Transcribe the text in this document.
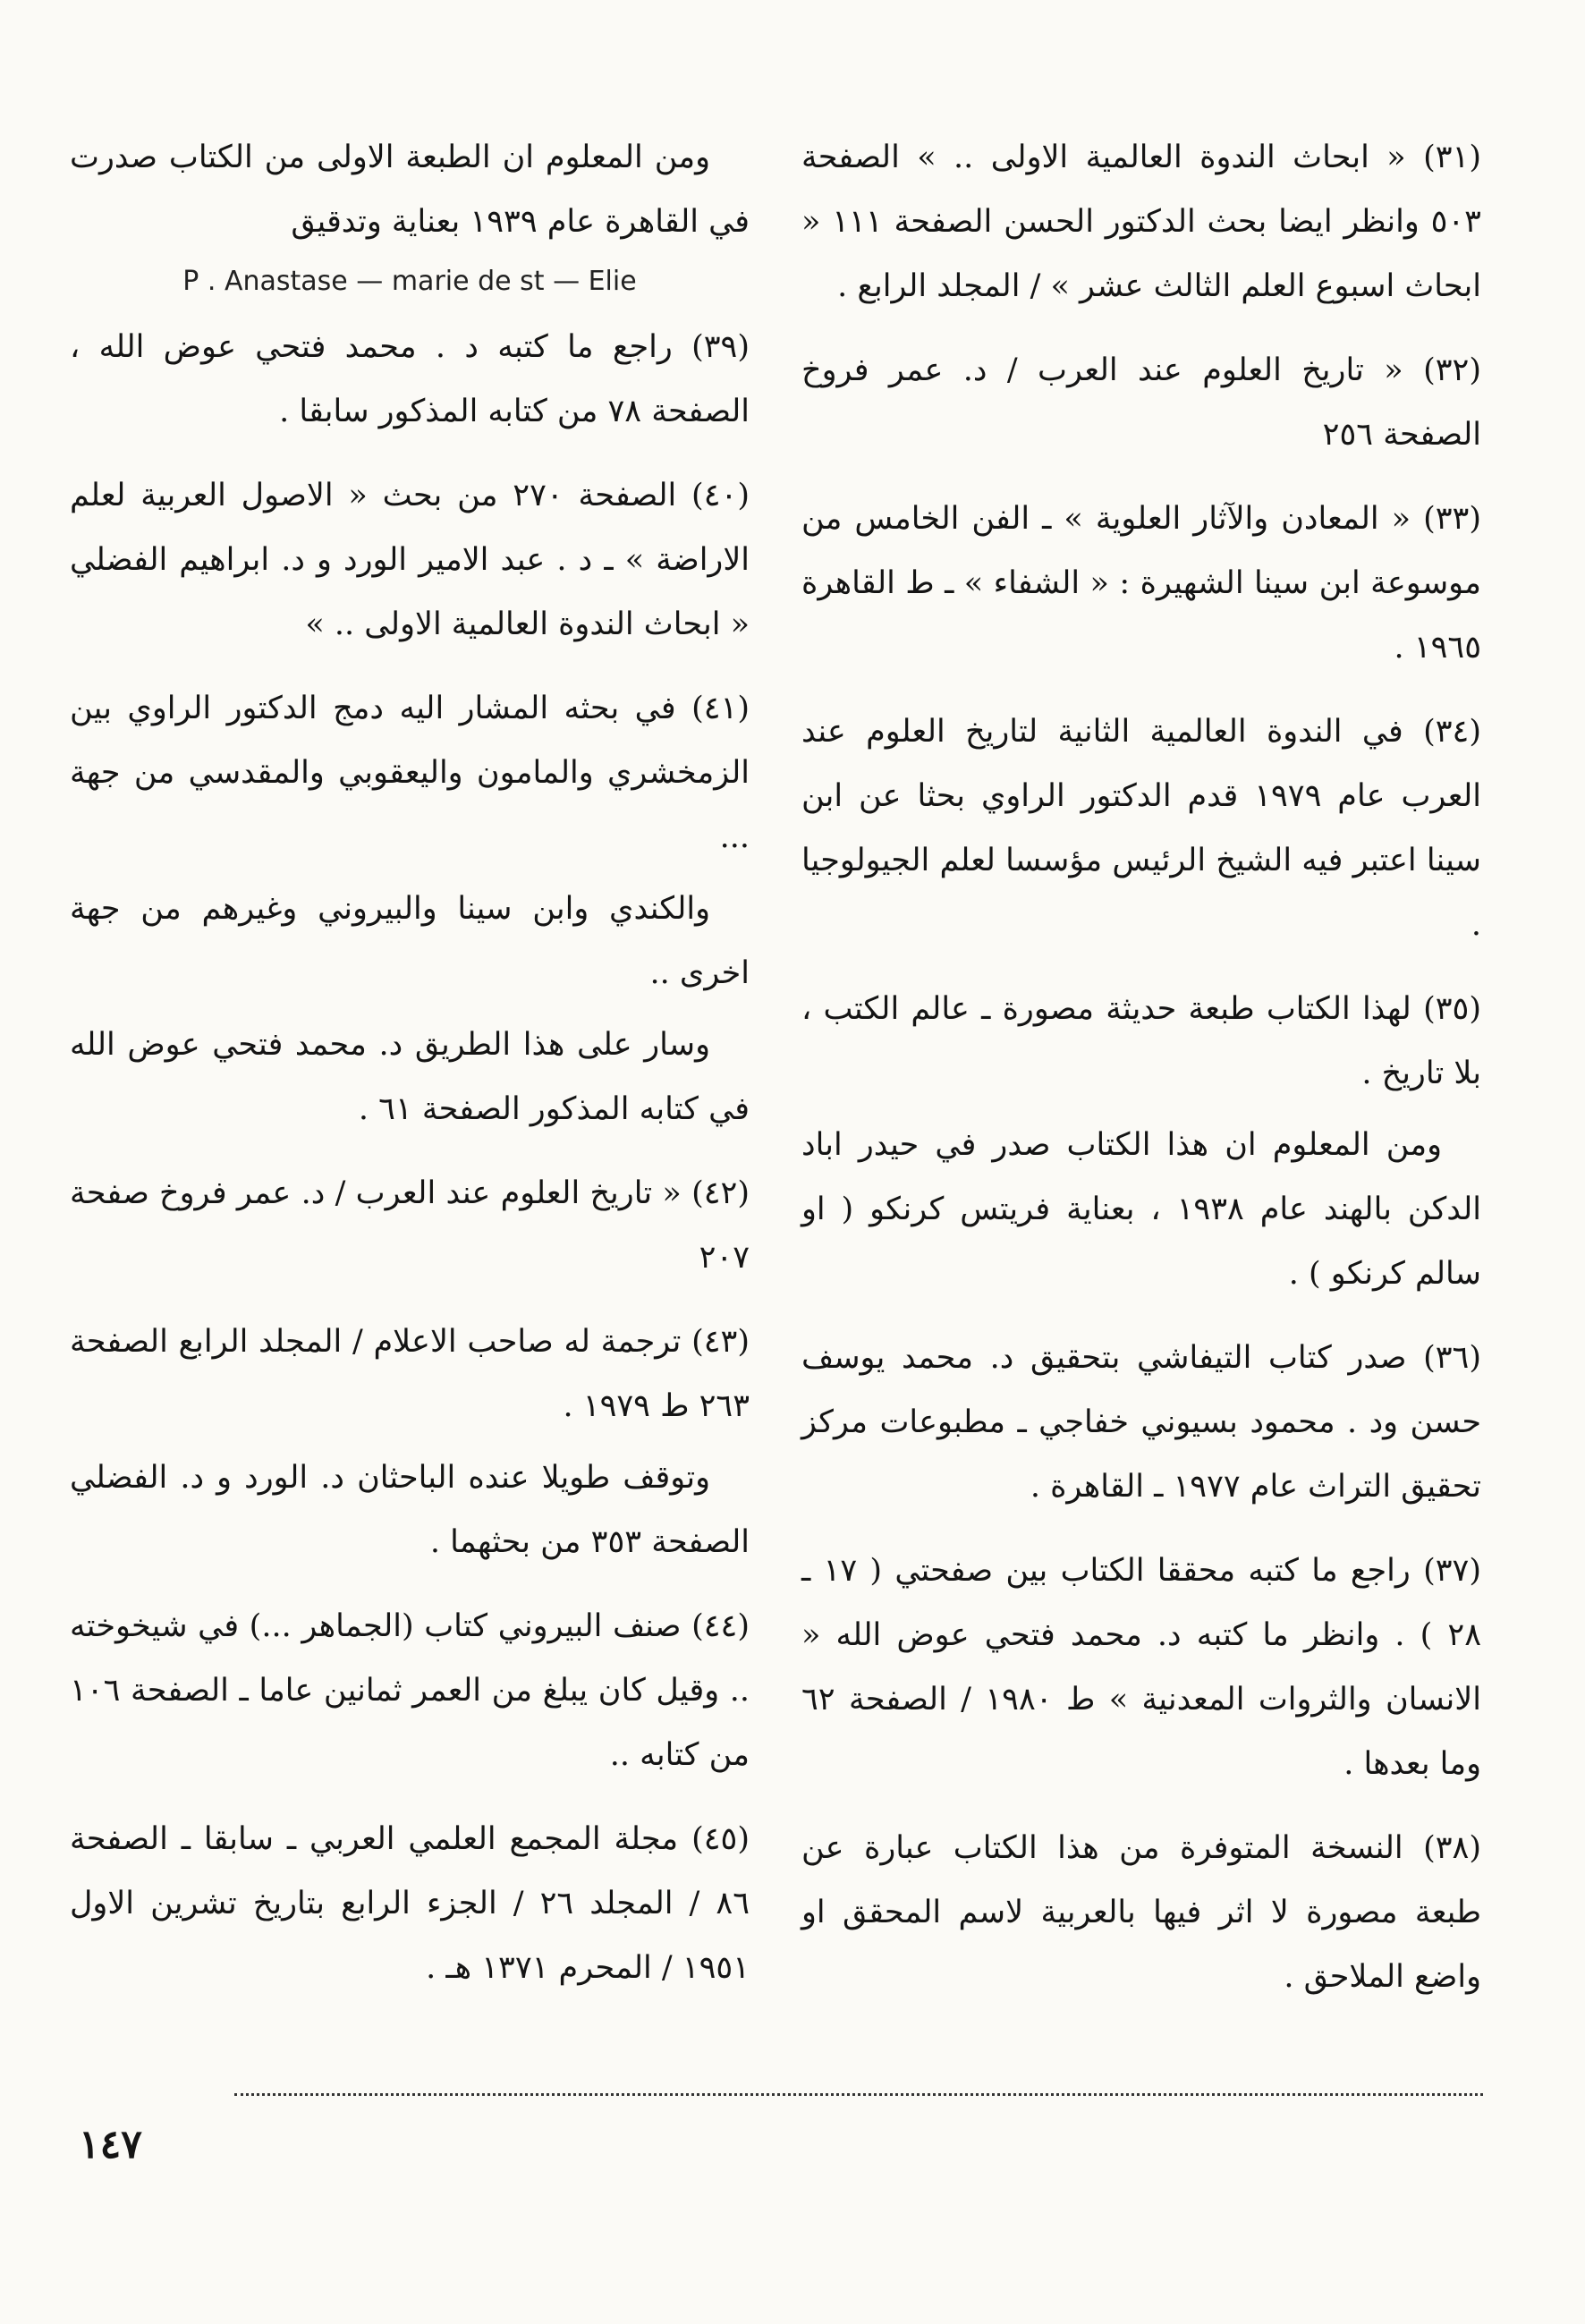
(٣١) « ابحاث الندوة العالمية الاولى .. » الصفحة ٥٠٣ وانظر ايضا بحث الدكتور الحسن الصفحة ١١١ « ابحاث اسبوع العلم الثالث عشر » / المجلد الرابع .

(٣٢) « تاريخ العلوم عند العرب / د. عمر فروخ الصفحة ٢٥٦

(٣٣) « المعادن والآثار العلوية » ـ الفن الخامس من موسوعة ابن سينا الشهيرة : « الشفاء » ـ ط القاهرة ١٩٦٥ .

(٣٤) في الندوة العالمية الثانية لتاريخ العلوم عند العرب عام ١٩٧٩ قدم الدكتور الراوي بحثا عن ابن سينا اعتبر فيه الشيخ الرئيس مؤسسا لعلم الجيولوجيا .

(٣٥) لهذا الكتاب طبعة حديثة مصورة ـ عالم الكتب ، بلا تاريخ .

ومن المعلوم ان هذا الكتاب صدر في حيدر اباد الدكن بالهند عام ١٩٣٨ ، بعناية فريتس كرنكو ( او سالم كرنكو ) .

(٣٦) صدر كتاب التيفاشي بتحقيق د. محمد يوسف حسن ود . محمود بسيوني خفاجي ـ مطبوعات مركز تحقيق التراث عام ١٩٧٧ ـ القاهرة .

(٣٧) راجع ما كتبه محققا الكتاب بين صفحتي ( ١٧ ـ ٢٨ ) . وانظر ما كتبه د. محمد فتحي عوض الله « الانسان والثروات المعدنية » ط ١٩٨٠ / الصفحة ٦٢ وما بعدها .

(٣٨) النسخة المتوفرة من هذا الكتاب عبارة عن طبعة مصورة لا اثر فيها بالعربية لاسم المحقق او واضع الملاحق .

ومن المعلوم ان الطبعة الاولى من الكتاب صدرت في القاهرة عام ١٩٣٩ بعناية وتدقيق

P . Anastase — marie de st — Elie

(٣٩) راجع ما كتبه د . محمد فتحي عوض الله ، الصفحة ٧٨ من كتابه المذكور سابقا .

(٤٠) الصفحة ٢٧٠ من بحث « الاصول العربية لعلم الاراضة » ـ د . عبد الامير الورد و د. ابراهيم الفضلي « ابحاث الندوة العالمية الاولى .. »

(٤١) في بحثه المشار اليه دمج الدكتور الراوي بين الزمخشري والمامون واليعقوبي والمقدسي من جهة ...

والكندي وابن سينا والبيروني وغيرهم من جهة اخرى ..

وسار على هذا الطريق د. محمد فتحي عوض الله في كتابه المذكور الصفحة ٦١ .

(٤٢) « تاريخ العلوم عند العرب / د. عمر فروخ صفحة ٢٠٧

(٤٣) ترجمة له صاحب الاعلام / المجلد الرابع الصفحة ٢٦٣ ط ١٩٧٩ .

وتوقف طويلا عنده الباحثان د. الورد و د. الفضلي الصفحة ٣٥٣ من بحثهما .

(٤٤) صنف البيروني كتاب (الجماهر ...) في شيخوخته .. وقيل كان يبلغ من العمر ثمانين عاما ـ الصفحة ١٠٦ من كتابه ..

(٤٥) مجلة المجمع العلمي العربي ـ سابقا ـ الصفحة ٨٦ / المجلد ٢٦ / الجزء الرابع بتاريخ تشرين الاول ١٩٥١ / المحرم ١٣٧١ هـ .

١٤٧
